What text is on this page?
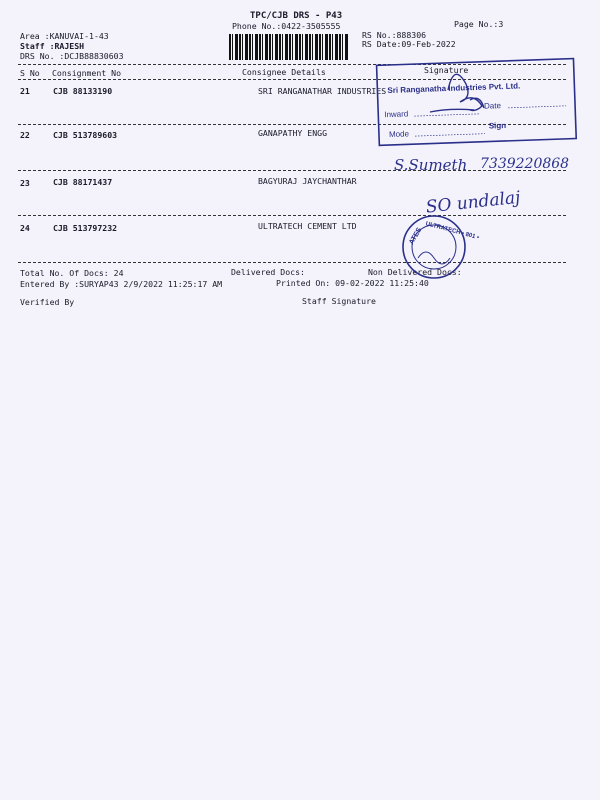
TPC/CJB DRS - P43
Phone No.:0422-3505555	Page No.:3
Area :KANUVAI-1-43
Staff :RAJESH
DRS No. :DCJB88830603
RS No.:888306
RS Date:09-Feb-2022
S No Consignment No	Consignee Details	Signature
21	CJB 88133190	SRI RANGANATHAR INDUSTRIES
22	CJB 513789603	GANAPATHY ENGG
23	CJB 88171437	BAGYURAJ JAYCHANTHAR
24	CJB 513797232	ULTRATECH CEMENT LTD
Total No. Of Docs: 24	Delivered Docs:	Non Delivered Docs:
Entered By :SURYAP43 2/9/2022 11:25:17 AM	Printed On: 09-02-2022 11:25:40
Verified By	Staff Signature
Sri Ranganatha Industries Pvt. Ltd.
Inward
Date
Mode
Sign
S.Sumeth 7339220868
SO undalaj
ATES ULTRATECH • 801 •
